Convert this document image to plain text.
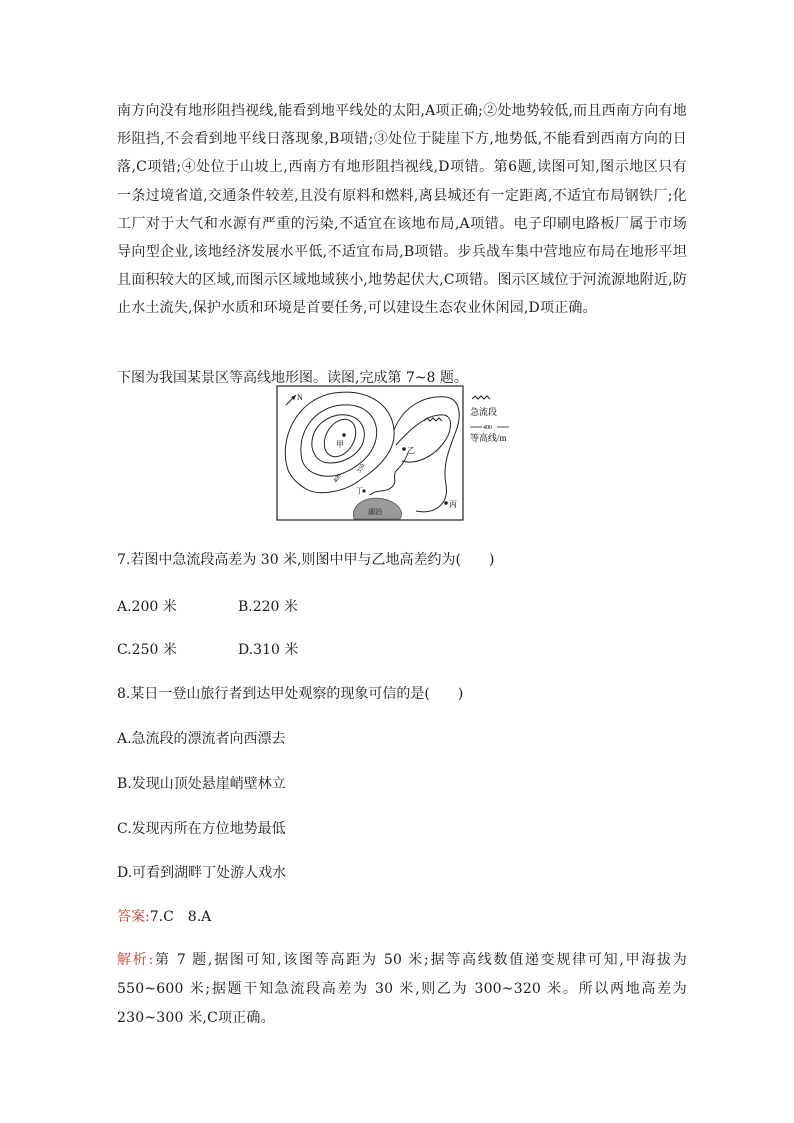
南方向没有地形阻挡视线,能看到地平线处的太阳,A项正确;②处地势较低,而且西南方向有地形阻挡,不会看到地平线日落现象,B项错;③处位于陡崖下方,地势低,不能看到西南方向的日落,C项错;④处位于山坡上,西南方有地形阻挡视线,D项错。第6题,读图可知,图示地区只有一条过境省道,交通条件较差,且没有原料和燃料,离县城还有一定距离,不适宜布局钢铁厂;化工厂对于大气和水源有严重的污染,不适宜在该地布局,A项错。电子印刷电路板厂属于市场导向型企业,该地经济发展水平低,不适宜布局,B项错。步兵战车集中营地应布局在地形平坦且面积较大的区域,而图示区域地域狭小,地势起伏大,C项错。图示区域位于河流源地附近,防止水土流失,保护水质和环境是首要任务,可以建设生态农业休闲园,D项正确。

下图为我国某景区等高线地形图。读图,完成第 7~8 题。

N
湖泊
甲
乙
丙
丁
400
350
急流段
400
等高线/m

7.若图中急流段高差为 30 米,则图中甲与乙地高差约为(　　)

A.200 米	B.220 米

C.250 米	D.310 米

8.某日一登山旅行者到达甲处观察的现象可信的是(　　)

A.急流段的漂流者向西漂去

B.发现山顶处悬崖峭壁林立

C.发现丙所在方位地势最低

D.可看到湖畔丁处游人戏水

答案:7.C　8.A

解析:第 7 题,据图可知,该图等高距为 50 米;据等高线数值递变规律可知,甲海拔为 550~600 米;据题干知急流段高差为 30 米,则乙为 300~320 米。所以两地高差为 230~300 米,C项正确。
